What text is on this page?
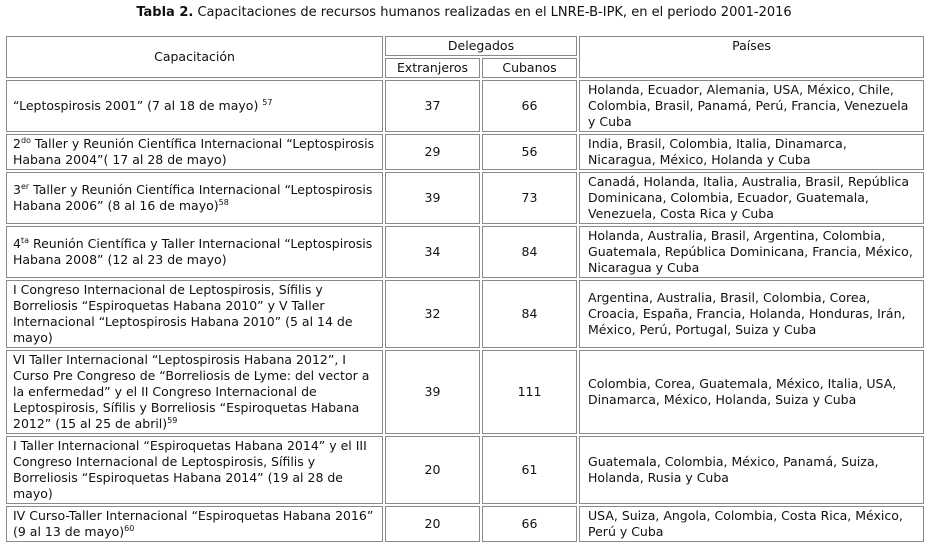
Tabla 2. Capacitaciones de recursos humanos realizadas en el LNRE-B-IPK, en el periodo 2001-2016
Capacitación	Delegados		Países
	Extranjeros	Cubanos	
“Leptospirosis 2001” (7 al 18 de mayo) $^{57}$	37	66	Holanda, Ecuador, Alemania, USA, México, Chile, Colombia, Brasil, Panamá, Perú, Francia, Venezuela y Cuba
$2^{do}$ Taller y Reunión Científica Internacional “Leptospirosis Habana 2004”( 17 al 28 de mayo)	29	56	India, Brasil, Colombia, Italia, Dinamarca, Nicaragua, México, Holanda y Cuba
3er Taller y Reunión Científica Internacional “Leptospirosis Habana 2006” (8 al 16 de mayo)$^{58}$	39	73	Canadá, Holanda, Italia, Australia, Brasil, República Dominicana, Colombia, Ecuador, Guatemala, Venezuela, Costa Rica y Cuba
$4^{ta}$ Reunión Científica y Taller Internacional “Leptospirosis Habana 2008” (12 al 23 de mayo)	34	84	Holanda, Australia, Brasil, Argentina, Colombia, Guatemala, República Dominicana, Francia, México, Nicaragua y Cuba
I Congreso Internacional de Leptospirosis, Sífilis y Borreliosis “Espiroquetas Habana 2010” y V Taller Internacional “Leptospirosis Habana 2010” (5 al 14 de mayo)	32	84	Argentina, Australia, Brasil, Colombia, Corea, Croacia, España, Francia, Holanda, Honduras, Irán, México, Perú, Portugal, Suiza y Cuba
VI Taller Internacional “Leptospirosis Habana 2012”, I Curso Pre Congreso de “Borreliosis de Lyme: del vector a la enfermedad” y el II Congreso Internacional de Leptospirosis, Sífilis y Borreliosis “Espiroquetas Habana 2012” (15 al 25 de abril)$^{59}$	39	111	Colombia, Corea, Guatemala, México, Italia, USA, Dinamarca, México, Holanda, Suiza y Cuba
I Taller Internacional “Espiroquetas Habana 2014” y el III Congreso Internacional de Leptospirosis, Sífilis y Borreliosis “Espiroquetas Habana 2014” (19 al 28 de mayo)	20	61	Guatemala, Colombia, México, Panamá, Suiza, Holanda, Rusia y Cuba
IV Curso-Taller Internacional “Espiroquetas Habana 2016” (9 al 13 de mayo)$^{60}$	20	66	USA, Suiza, Angola, Colombia, Costa Rica, México, Perú y Cuba
